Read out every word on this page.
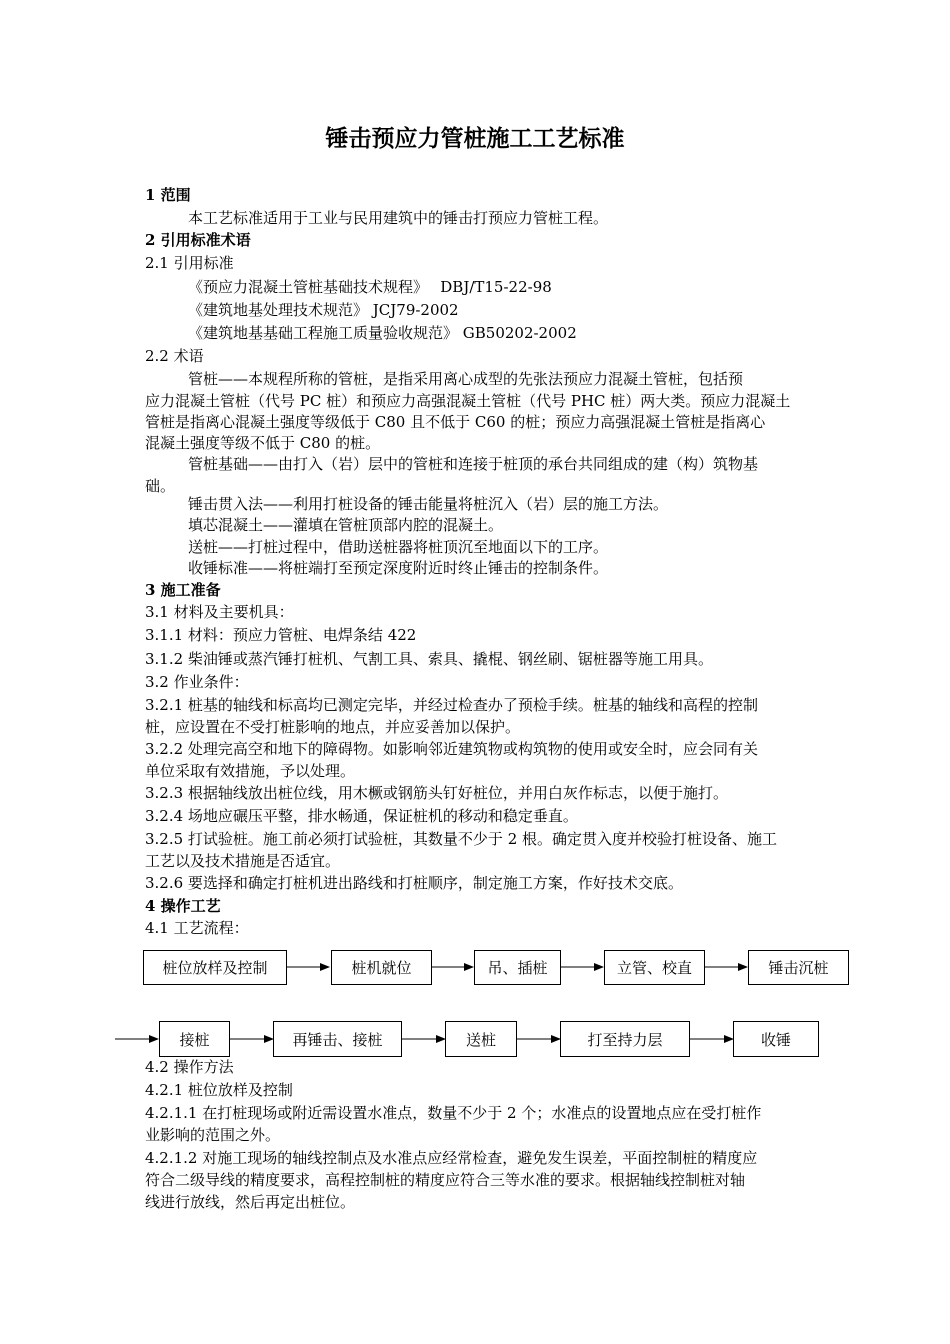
锤击预应力管桩施工工艺标准
1 范围
本工艺标准适用于工业与民用建筑中的锤击打预应力管桩工程。
2 引用标准术语
2.1 引用标准
《预应力混凝土管桩基础技术规程》　 DBJ/T15-22-98
《建筑地基处理技术规范》 JCJ79-2002
《建筑地基基础工程施工质量验收规范》 GB50202-2002
2.2 术语
管桩——本规程所称的管桩，是指采用离心成型的先张法预应力混凝土管桩，包括预
应力混凝土管桩（代号 PC 桩）和预应力高强混凝土管桩（代号 PHC 桩）两大类。预应力混凝土
管桩是指离心混凝土强度等级低于 C80 且不低于 C60 的桩；预应力高强混凝土管桩是指离心
混凝土强度等级不低于 C80 的桩。
管桩基础——由打入（岩）层中的管桩和连接于桩顶的承台共同组成的建（构）筑物基
础。
锤击贯入法——利用打桩设备的锤击能量将桩沉入（岩）层的施工方法。
填芯混凝土——灌填在管桩顶部内腔的混凝土。
送桩——打桩过程中，借助送桩器将桩顶沉至地面以下的工序。
收锤标准——将桩端打至预定深度附近时终止锤击的控制条件。
3 施工准备
3.1 材料及主要机具：
3.1.1 材料：预应力管桩、电焊条结 422
3.1.2 柴油锤或蒸汽锤打桩机、气割工具、索具、撬棍、钢丝刷、锯桩器等施工用具。
3.2 作业条件：
3.2.1 桩基的轴线和标高均已测定完毕，并经过检查办了预检手续。桩基的轴线和高程的控制
桩，应设置在不受打桩影响的地点，并应妥善加以保护。
3.2.2 处理完高空和地下的障碍物。如影响邻近建筑物或构筑物的使用或安全时，应会同有关
单位采取有效措施，予以处理。
3.2.3 根据轴线放出桩位线，用木橛或钢筋头钉好桩位，并用白灰作标志，以便于施打。
3.2.4 场地应碾压平整，排水畅通，保证桩机的移动和稳定垂直。
3.2.5 打试验桩。施工前必须打试验桩，其数量不少于 2 根。确定贯入度并校验打桩设备、施工
工艺以及技术措施是否适宜。
3.2.6 要选择和确定打桩机进出路线和打桩顺序，制定施工方案，作好技术交底。
4 操作工艺
4.1 工艺流程：
桩位放样及控制	桩机就位	吊、插桩	立管、校直	锤击沉桩
接桩	再锤击、接桩	送桩	打至持力层	收锤
4.2 操作方法
4.2.1 桩位放样及控制
4.2.1.1 在打桩现场或附近需设置水准点，数量不少于 2 个；水准点的设置地点应在受打桩作
业影响的范围之外。
4.2.1.2 对施工现场的轴线控制点及水准点应经常检查，避免发生误差，平面控制桩的精度应
符合二级导线的精度要求，高程控制桩的精度应符合三等水准的要求。根据轴线控制桩对轴
线进行放线，然后再定出桩位。
